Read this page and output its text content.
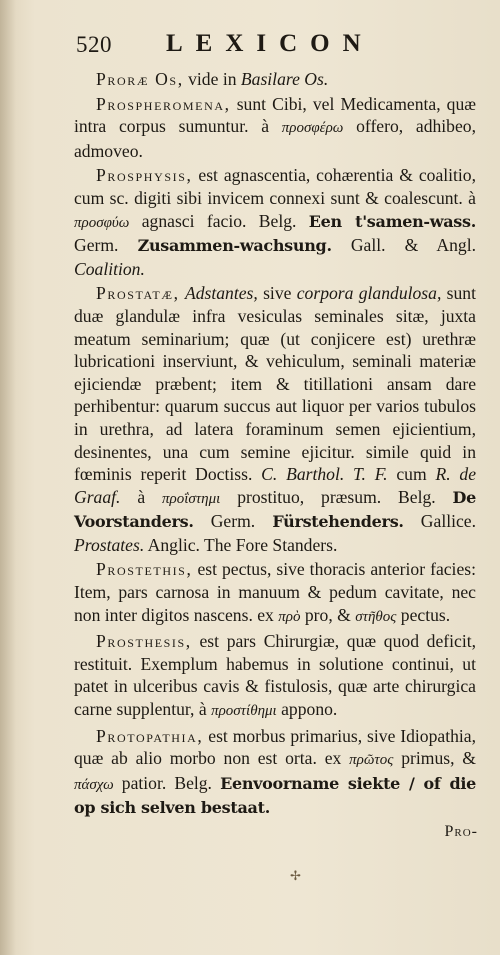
520 LEXICON

Proræ Os, vide in Basilare Os.

Prospheromena, sunt Cibi, vel Medicamenta, quæ intra corpus sumuntur. à προσφέρω offero, adhibeo, admoveo.

Prosphysis, est agnascentia, cohærentia & coalitio, cum sc. digiti sibi invicem connexi sunt & coalescunt. à προσφύω agnasci facio. Belg. Een t'samen-wass. Germ. Zusammen-wachsung. Gall. & Angl. Coalition.

Prostatæ, Adstantes, sive corpora glandulosa, sunt duæ glandulæ infra vesiculas seminales sitæ, juxta meatum seminarium; quæ (ut conjicere est) urethræ lubricationi inserviunt, & vehiculum, seminali materiæ ejiciendæ præbent; item & titillationi ansam dare perhibentur: quarum succus aut liquor per varios tubulos in urethra, ad latera foraminum semen ejicientium, desinentes, una cum semine ejicitur. simile quid in fœminis reperit Doctiss. C. Barthol. T. F. cum R. de Graaf. à προΐστημι prostituo, præsum. Belg. De Voorstanders. Germ. Fürstehenders. Gallice. Prostates. Anglic. The Fore Standers.

Prostethis, est pectus, sive thoracis anterior facies: Item, pars carnosa in manuum & pedum cavitate, nec non inter digitos nascens. ex πρὸ pro, & στῆθος pectus.

Prosthesis, est pars Chirurgiæ, quæ quod deficit, restituit. Exemplum habemus in solutione continui, ut patet in ulceribus cavis & fistulosis, quæ arte chirurgica carne supplentur, à προστίθημι appono.

Protopathia, est morbus primarius, sive Idiopathia, quæ ab alio morbo non est orta. ex πρῶτος primus, & πάσχω patior. Belg. Eenvoorname siekte / of die op sich selven bestaat.

Pro-
✢
